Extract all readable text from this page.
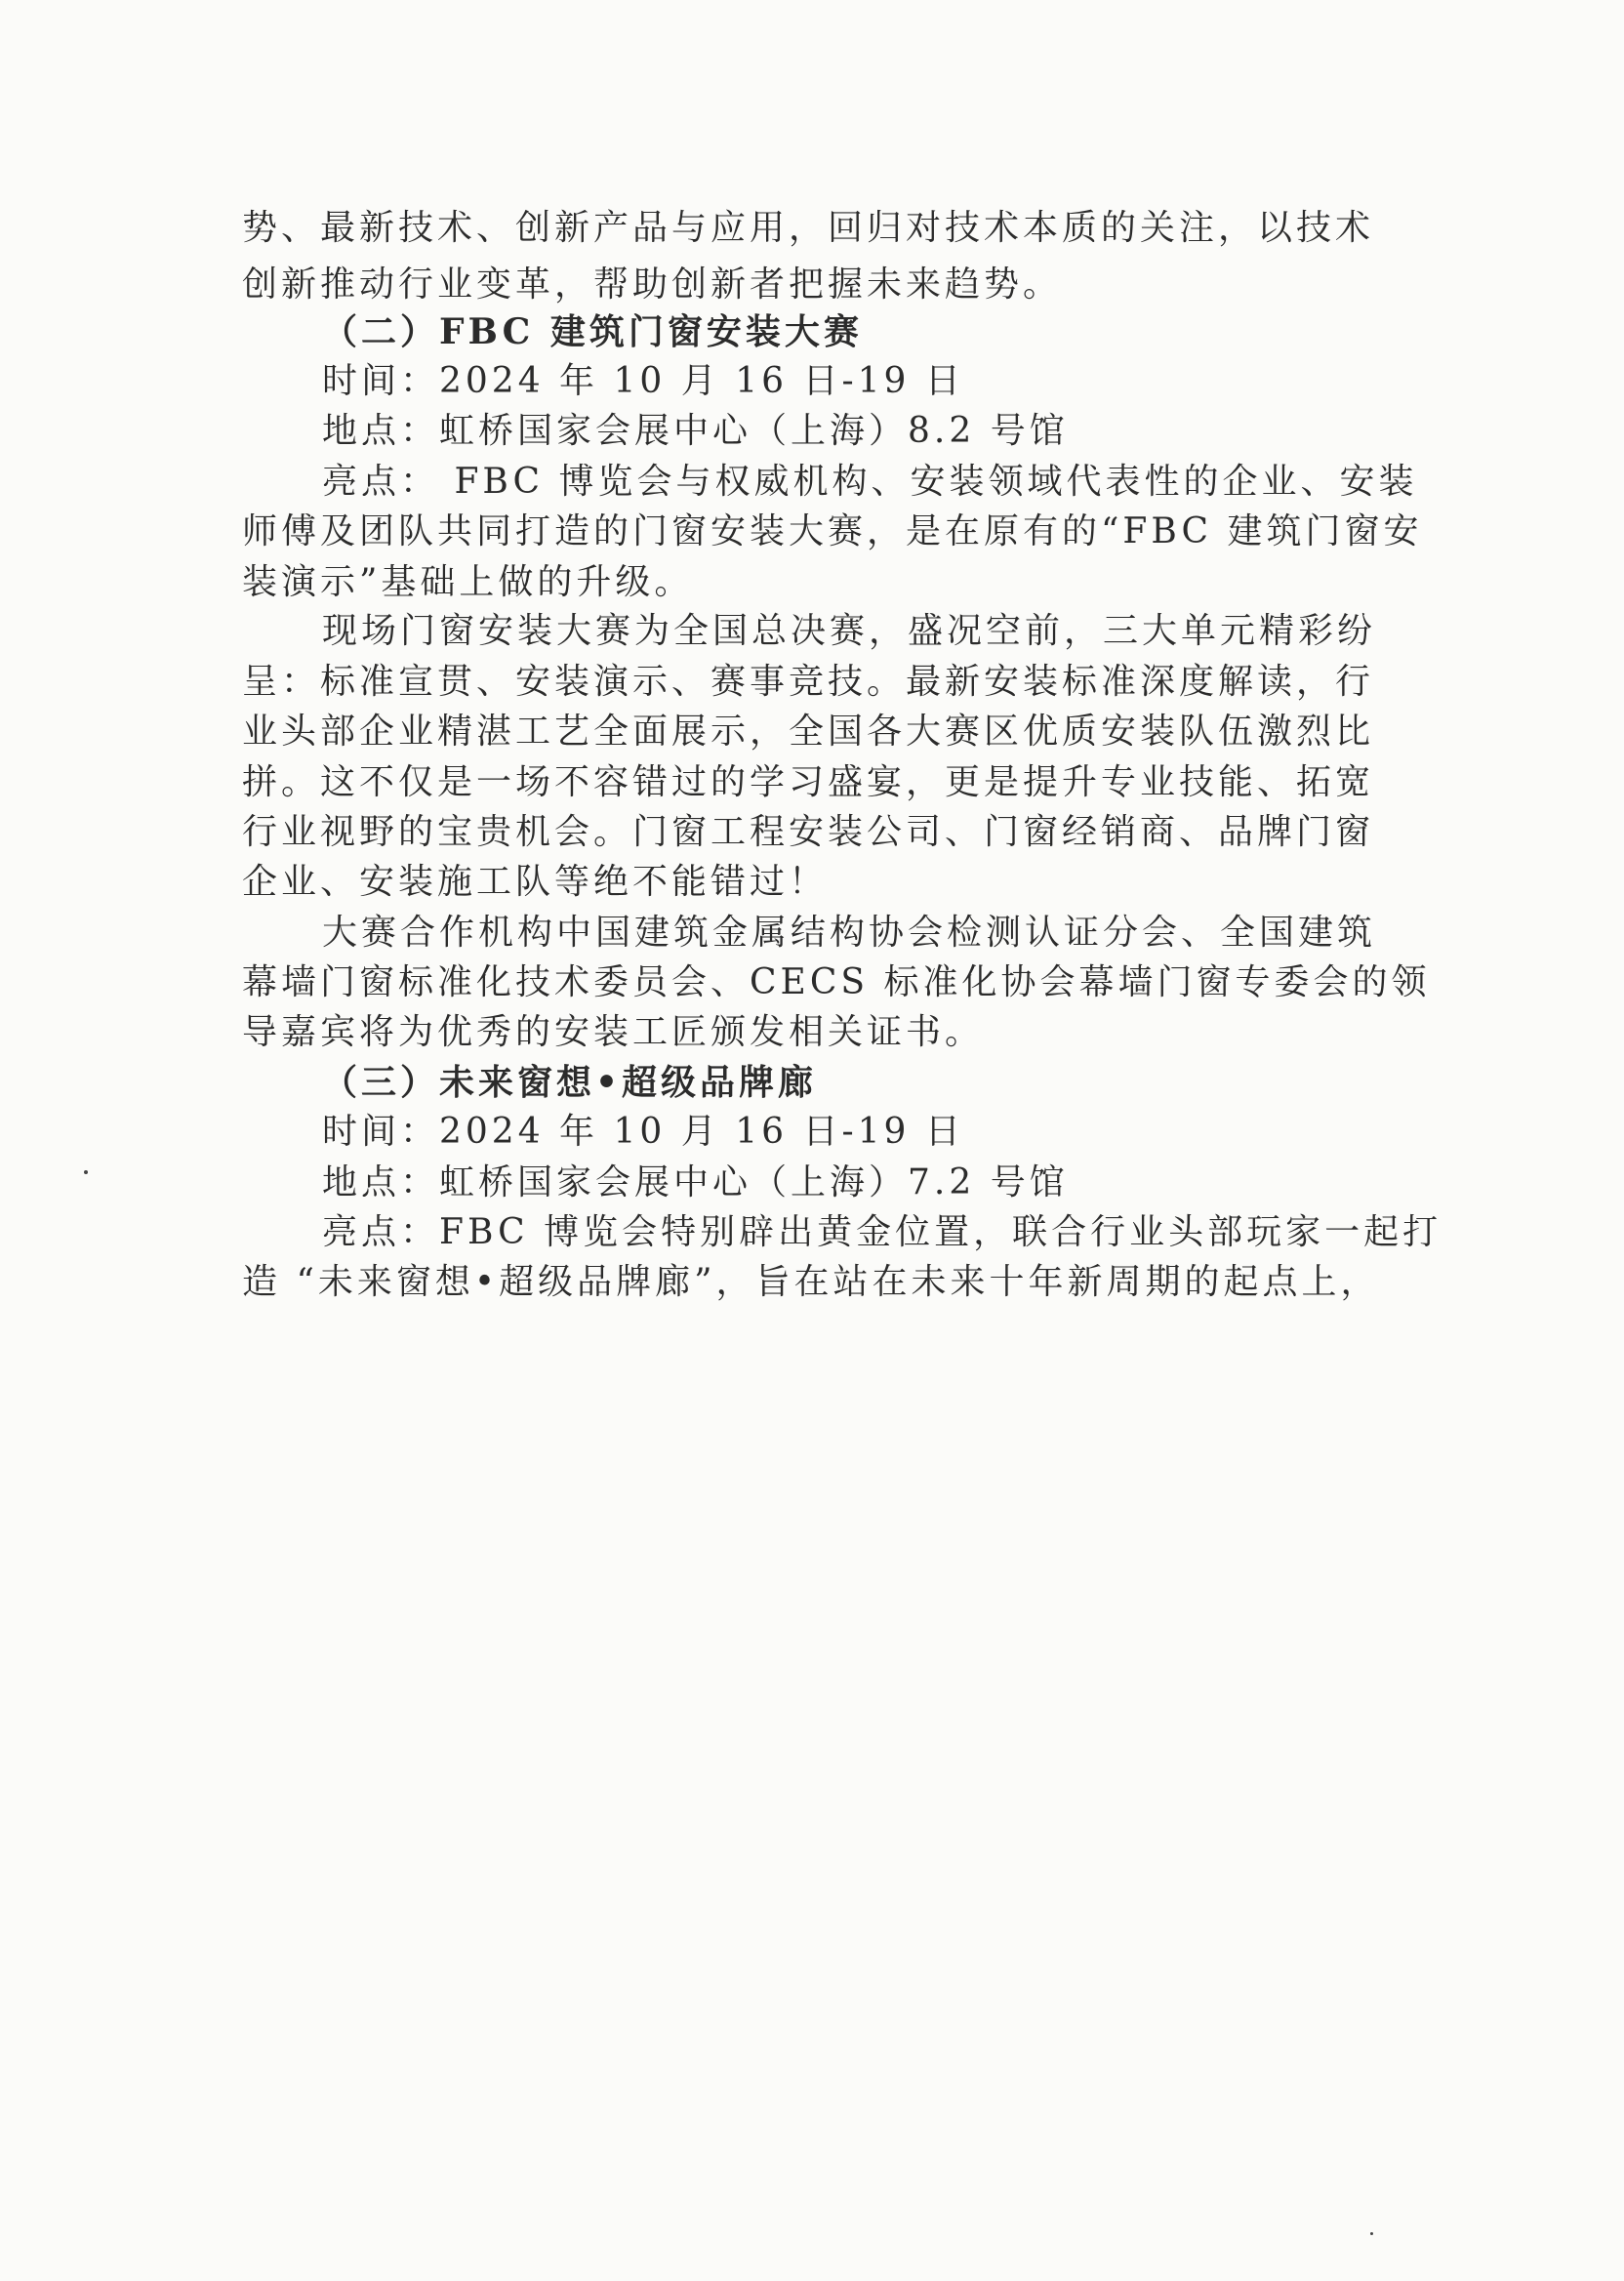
势、最新技术、创新产品与应用，回归对技术本质的关注，以技术
创新推动行业变革，帮助创新者把握未来趋势。
（二）FBC 建筑门窗安装大赛
时间：2024 年 10 月 16 日-19 日
地点：虹桥国家会展中心（上海）8.2 号馆
亮点： FBC 博览会与权威机构、安装领域代表性的企业、安装
师傅及团队共同打造的门窗安装大赛，是在原有的“FBC 建筑门窗安
装演示”基础上做的升级。
现场门窗安装大赛为全国总决赛，盛况空前，三大单元精彩纷
呈：标准宣贯、安装演示、赛事竞技。最新安装标准深度解读，行
业头部企业精湛工艺全面展示，全国各大赛区优质安装队伍激烈比
拼。这不仅是一场不容错过的学习盛宴，更是提升专业技能、拓宽
行业视野的宝贵机会。门窗工程安装公司、门窗经销商、品牌门窗
企业、安装施工队等绝不能错过！
大赛合作机构中国建筑金属结构协会检测认证分会、全国建筑
幕墙门窗标准化技术委员会、CECS 标准化协会幕墙门窗专委会的领
导嘉宾将为优秀的安装工匠颁发相关证书。
（三）未来窗想•超级品牌廊
时间：2024 年 10 月 16 日-19 日
地点：虹桥国家会展中心（上海）7.2 号馆
亮点：FBC 博览会特别辟出黄金位置，联合行业头部玩家一起打
造 “未来窗想•超级品牌廊”，旨在站在未来十年新周期的起点上，
